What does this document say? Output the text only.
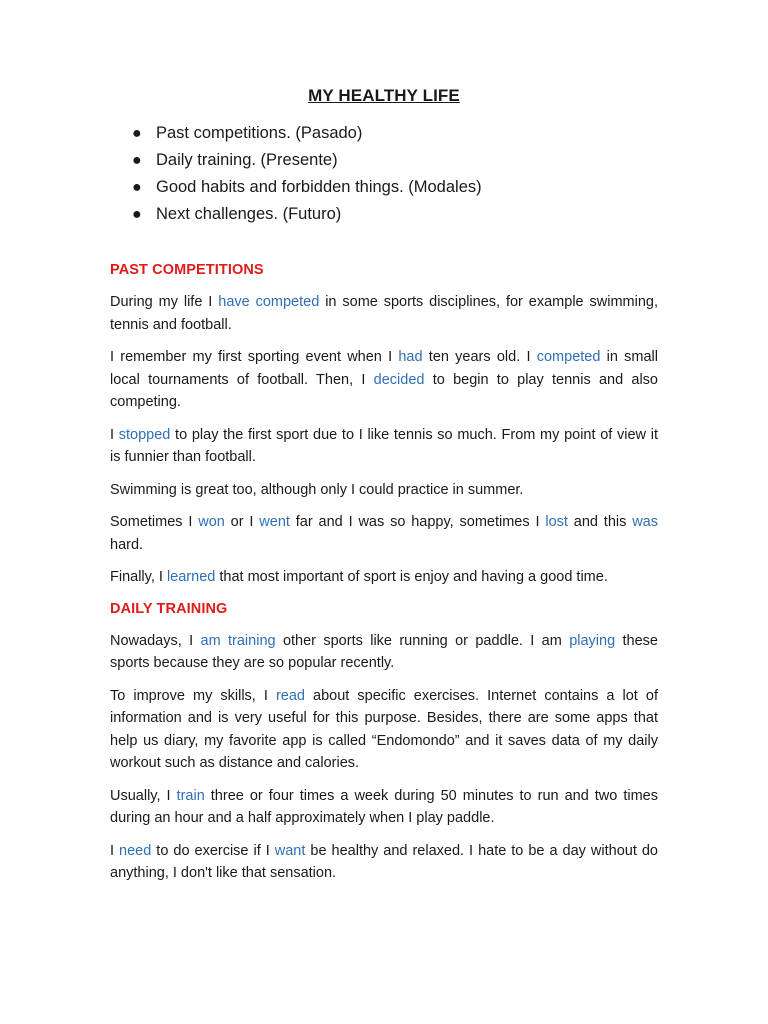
MY HEALTHY LIFE
● Past competitions. (Pasado)
● Daily training. (Presente)
● Good habits and forbidden things. (Modales)
● Next challenges. (Futuro)
PAST COMPETITIONS

During my life I have competed in some sports disciplines, for example swimming, tennis and football.

I remember my first sporting event when I had ten years old. I competed in small local tournaments of football. Then, I decided to begin to play tennis and also competing.

I stopped to play the first sport due to I like tennis so much. From my point of view it is funnier than football.

Swimming is great too, although only I could practice in summer.

Sometimes I won or I went far and I was so happy, sometimes I lost and this was hard.

Finally, I learned that most important of sport is enjoy and having a good time.

DAILY TRAINING

Nowadays, I am training other sports like running or paddle. I am playing these sports because they are so popular recently.

To improve my skills, I read about specific exercises. Internet contains a lot of information and is very useful for this purpose. Besides, there are some apps that help us diary, my favorite app is called “Endomondo” and it saves data of my daily workout such as distance and calories.

Usually, I train three or four times a week during 50 minutes to run and two times during an hour and a half approximately when I play paddle.

I need to do exercise if I want be healthy and relaxed. I hate to be a day without do anything, I don't like that sensation.
